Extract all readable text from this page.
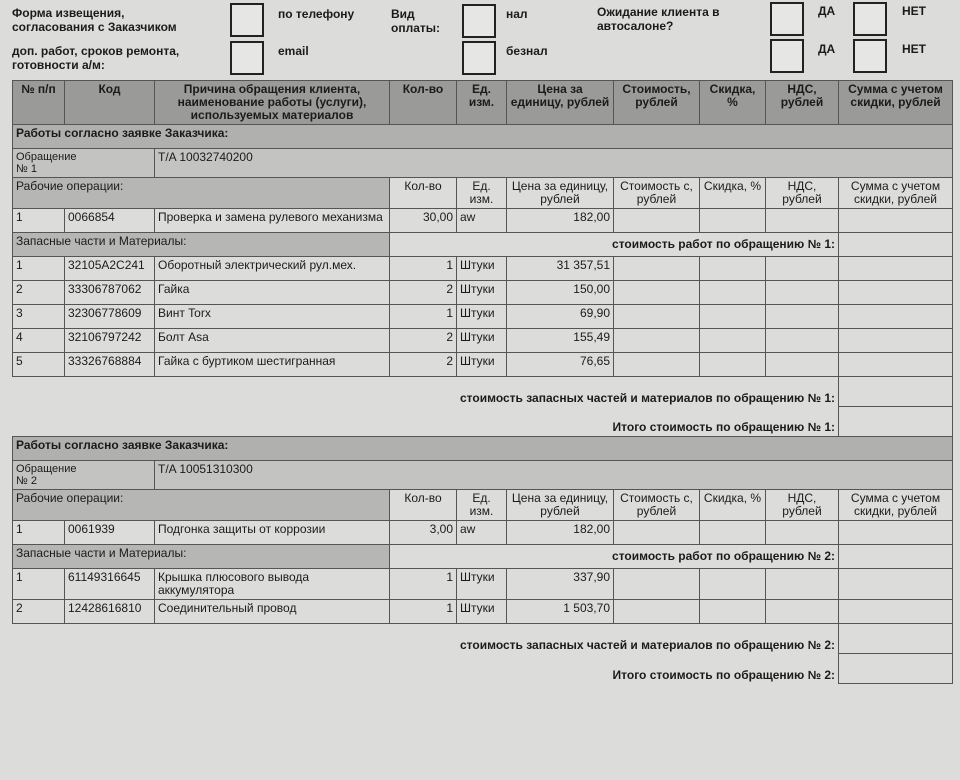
Форма извещения,
согласования с Заказчиком
доп. работ, сроков ремонта,
готовности а/м:
по телефону
email
Вид
оплаты:
нал
безнал
Ожидание клиента в
автосалоне?
ДА	НЕТ
ДА	НЕТ
№ п/п	Код	Причина обращения клиента, наименование работы (услуги), используемых материалов	Кол-во	Ед. изм.	Цена за единицу, рублей	Стоимость, рублей	Скидка, %	НДС, рублей	Сумма с учетом скидки, рублей
Работы согласно заявке Заказчика:									
Обращение
№ 1		T/A 10032740200							
Рабочие операции:			Кол-во	Ед. изм.	Цена за единицу, рублей	Стоимость с, рублей	Скидка, %	НДС, рублей	Сумма с учетом скидки, рублей
1	0066854	Проверка и замена рулевого механизма	30,00	aw	182,00				
Запасные части и Материалы:			стоимость работ по обращению № 1:						
1	32105A2C241	Оборотный электрический рул.мех.	1	Штуки	31 357,51				
2	33306787062	Гайка	2	Штуки	150,00				
3	32306778609	Винт Torx	1	Штуки	69,90				
4	32106797242	Болт Asa	2	Штуки	155,49				
5	33326768884	Гайка с буртиком шестигранная	2	Штуки	76,65				
стоимость запасных частей и материалов по обращению № 1:									
Итого стоимость по обращению № 1:									
Работы согласно заявке Заказчика:									
Обращение
№ 2		T/A 10051310300							
Рабочие операции:			Кол-во	Ед. изм.	Цена за единицу, рублей	Стоимость с, рублей	Скидка, %	НДС, рублей	Сумма с учетом скидки, рублей
1	0061939	Подгонка защиты от коррозии	3,00	aw	182,00				
Запасные части и Материалы:			стоимость работ по обращению № 2:						
1	61149316645	Крышка плюсового вывода аккумулятора	1	Штуки	337,90				
2	12428616810	Соединительный провод	1	Штуки	1 503,70				
стоимость запасных частей и материалов по обращению № 2:									
Итого стоимость по обращению № 2:									
